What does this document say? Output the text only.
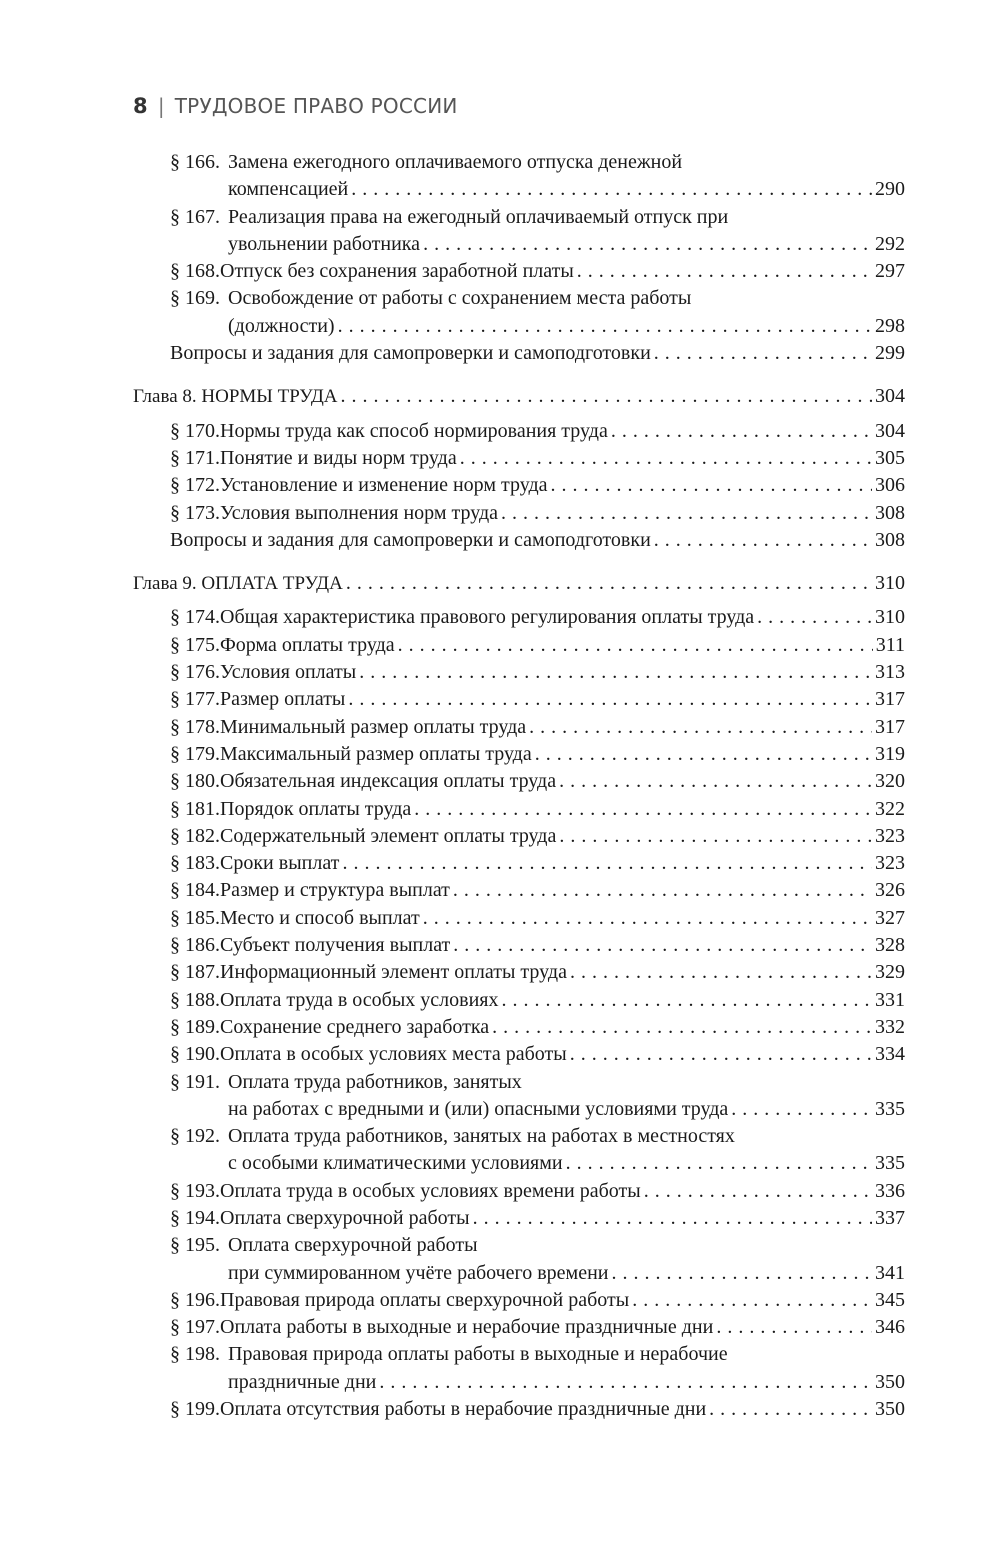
8 | ТРУДОВОЕ ПРАВО РОССИИ
§ 166. Замена ежегодного оплачиваемого отпуска денежной
компенсацией . . .	290
§ 167. Реализация права на ежегодный оплачиваемый отпуск при
увольнении работника . . .	292
§ 168. Отпуск без сохранения заработной платы . . .	297
§ 169. Освобождение от работы с сохранением места работы
(должности) . . .	298
Вопросы и задания для самопроверки и самоподготовки . . .	299
Глава 8. НОРМЫ ТРУДА . . .	304
§ 170. Нормы труда как способ нормирования труда . . .	304
§ 171. Понятие и виды норм труда . . .	305
§ 172. Установление и изменение норм труда . . .	306
§ 173. Условия выполнения норм труда . . .	308
Вопросы и задания для самопроверки и самоподготовки . . .	308
Глава 9. ОПЛАТА ТРУДА . . .	310
§ 174. Общая характеристика правового регулирования оплаты труда . . .	310
§ 175. Форма оплаты труда . . .	311
§ 176. Условия оплаты . . .	313
§ 177. Размер оплаты . . .	317
§ 178. Минимальный размер оплаты труда . . .	317
§ 179. Максимальный размер оплаты труда . . .	319
§ 180. Обязательная индексация оплаты труда . . .	320
§ 181. Порядок оплаты труда . . .	322
§ 182. Содержательный элемент оплаты труда . . .	323
§ 183. Сроки выплат . . .	323
§ 184. Размер и структура выплат . . .	326
§ 185. Место и способ выплат . . .	327
§ 186. Субъект получения выплат . . .	328
§ 187. Информационный элемент оплаты труда . . .	329
§ 188. Оплата труда в особых условиях . . .	331
§ 189. Сохранение среднего заработка . . .	332
§ 190. Оплата в особых условиях места работы . . .	334
§ 191. Оплата труда работников, занятых
на работах с вредными и (или) опасными условиями труда . . .	335
§ 192. Оплата труда работников, занятых на работах в местностях
с особыми климатическими условиями . . .	335
§ 193. Оплата труда в особых условиях времени работы . . .	336
§ 194. Оплата сверхурочной работы . . .	337
§ 195. Оплата сверхурочной работы
при суммированном учёте рабочего времени . . .	341
§ 196. Правовая природа оплаты сверхурочной работы . . .	345
§ 197. Оплата работы в выходные и нерабочие праздничные дни . . .	346
§ 198. Правовая природа оплаты работы в выходные и нерабочие
праздничные дни . . .	350
§ 199. Оплата отсутствия работы в нерабочие праздничные дни . . .	350
